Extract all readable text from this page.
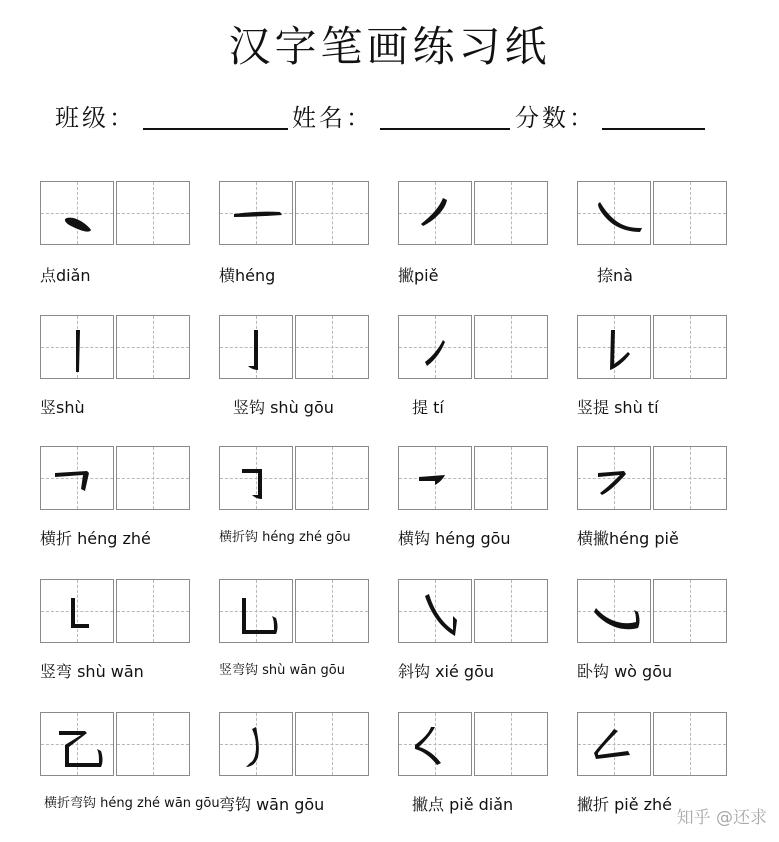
汉字笔画练习纸
班级：	姓名：	分数：
点diǎn	横héng	撇piě	捺nà
竖shù	竖钩 shù gōu	提 tí	竖提 shù tí
横折 héng zhé	横折钩 héng zhé gōu	横钩 héng gōu	横撇héng piě
竖弯 shù wān	竖弯钩 shù wān gōu	斜钩 xié gōu	卧钩 wò gōu
横折弯钩 héng zhé wān gōu 弯钩 wān gōu	撇点 piě diǎn	撇折 piě zhé
知乎 @还求
